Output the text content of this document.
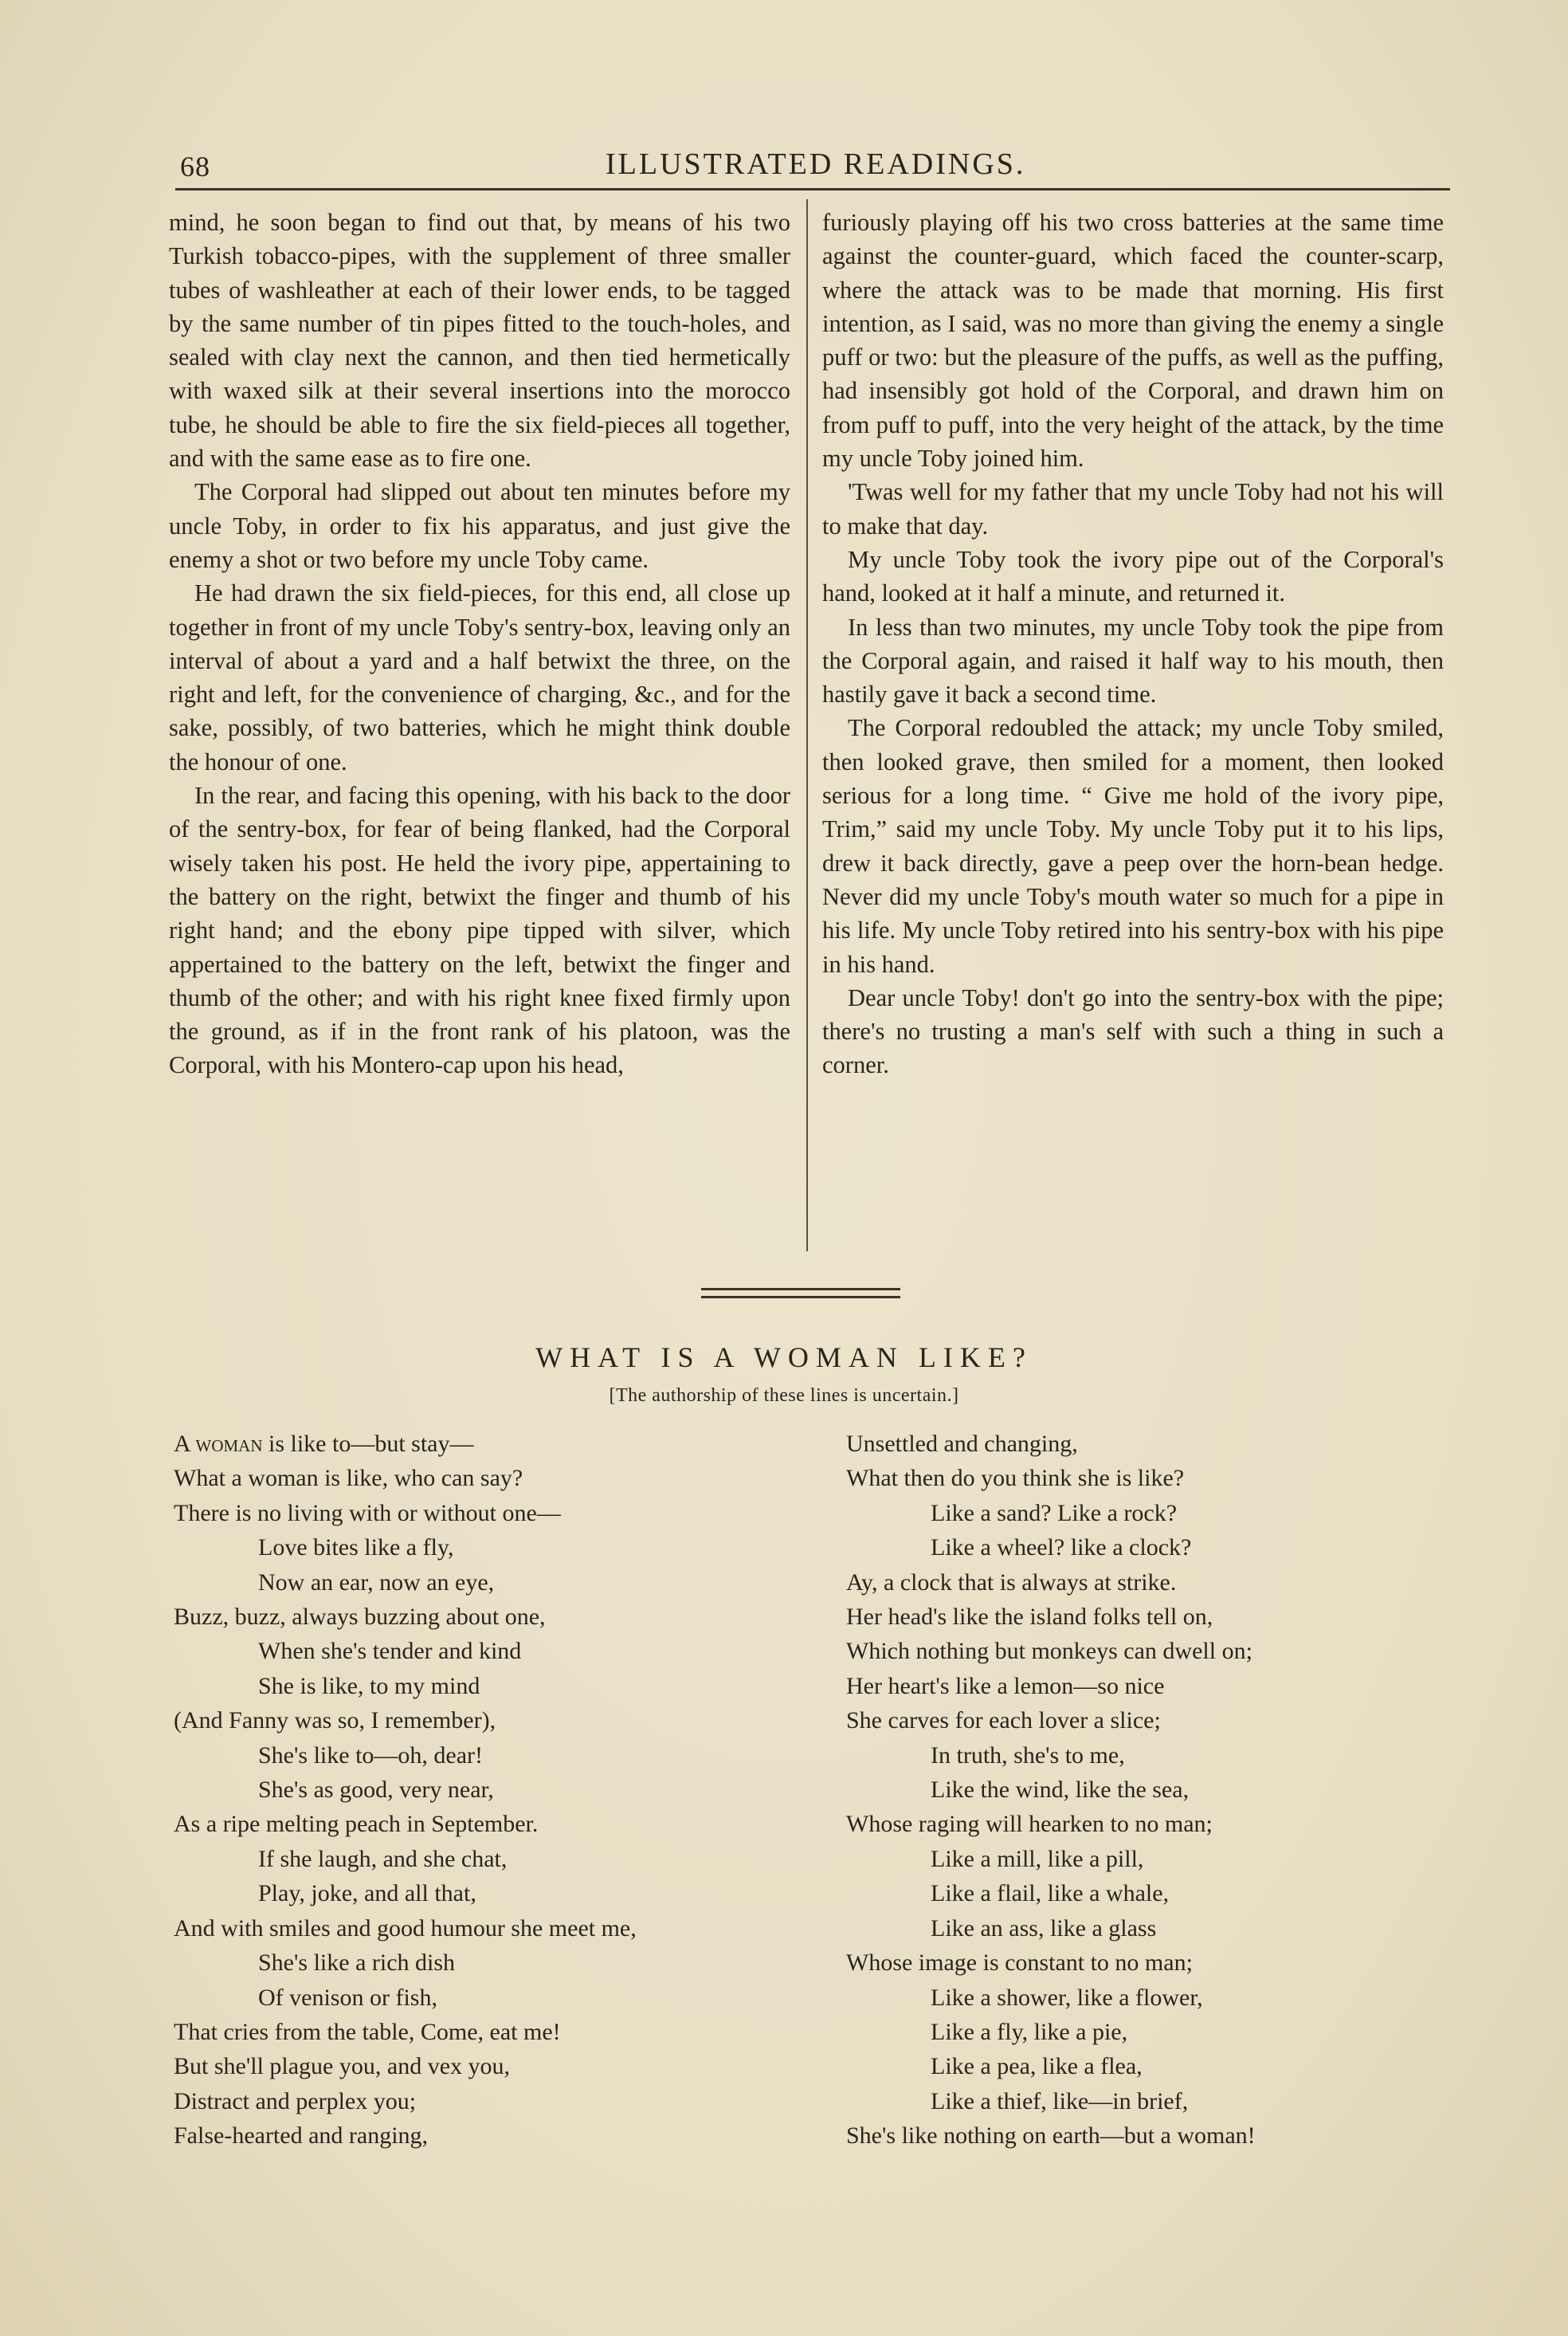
68	ILLUSTRATED READINGS.

mind, he soon began to find out that, by means of his two Turkish tobacco-pipes, with the supplement of three smaller tubes of washleather at each of their lower ends, to be tagged by the same number of tin pipes fitted to the touch-holes, and sealed with clay next the cannon, and then tied hermetically with waxed silk at their several insertions into the morocco tube, he should be able to fire the six field-pieces all together, and with the same ease as to fire one.

The Corporal had slipped out about ten minutes before my uncle Toby, in order to fix his apparatus, and just give the enemy a shot or two before my uncle Toby came.

He had drawn the six field-pieces, for this end, all close up together in front of my uncle Toby's sentry-box, leaving only an interval of about a yard and a half betwixt the three, on the right and left, for the convenience of charging, &c., and for the sake, possibly, of two batteries, which he might think double the honour of one.

In the rear, and facing this opening, with his back to the door of the sentry-box, for fear of being flanked, had the Corporal wisely taken his post. He held the ivory pipe, appertaining to the battery on the right, betwixt the finger and thumb of his right hand; and the ebony pipe tipped with silver, which appertained to the battery on the left, betwixt the finger and thumb of the other; and with his right knee fixed firmly upon the ground, as if in the front rank of his platoon, was the Corporal, with his Montero-cap upon his head,

furiously playing off his two cross batteries at the same time against the counter-guard, which faced the counter-scarp, where the attack was to be made that morning. His first intention, as I said, was no more than giving the enemy a single puff or two: but the pleasure of the puffs, as well as the puffing, had insensibly got hold of the Corporal, and drawn him on from puff to puff, into the very height of the attack, by the time my uncle Toby joined him.

'Twas well for my father that my uncle Toby had not his will to make that day.

My uncle Toby took the ivory pipe out of the Corporal's hand, looked at it half a minute, and returned it.

In less than two minutes, my uncle Toby took the pipe from the Corporal again, and raised it half way to his mouth, then hastily gave it back a second time.

The Corporal redoubled the attack; my uncle Toby smiled, then looked grave, then smiled for a moment, then looked serious for a long time. “ Give me hold of the ivory pipe, Trim,” said my uncle Toby. My uncle Toby put it to his lips, drew it back directly, gave a peep over the horn-bean hedge. Never did my uncle Toby's mouth water so much for a pipe in his life. My uncle Toby retired into his sentry-box with his pipe in his hand.

Dear uncle Toby! don't go into the sentry-box with the pipe; there's no trusting a man's self with such a thing in such a corner.

WHAT IS A WOMAN LIKE?
[The authorship of these lines is uncertain.]
A woman is like to—but stay—
What a woman is like, who can say?
There is no living with or without one—
Love bites like a fly,
Now an ear, now an eye,
Buzz, buzz, always buzzing about one,
When she's tender and kind
She is like, to my mind
(And Fanny was so, I remember),
She's like to—oh, dear!
She's as good, very near,
As a ripe melting peach in September.
If she laugh, and she chat,
Play, joke, and all that,
And with smiles and good humour she meet me,
She's like a rich dish
Of venison or fish,
That cries from the table, Come, eat me!
But she'll plague you, and vex you,
Distract and perplex you;
False-hearted and ranging,
Unsettled and changing,
What then do you think she is like?
Like a sand? Like a rock?
Like a wheel? like a clock?
Ay, a clock that is always at strike.
Her head's like the island folks tell on,
Which nothing but monkeys can dwell on;
Her heart's like a lemon—so nice
She carves for each lover a slice;
In truth, she's to me,
Like the wind, like the sea,
Whose raging will hearken to no man;
Like a mill, like a pill,
Like a flail, like a whale,
Like an ass, like a glass
Whose image is constant to no man;
Like a shower, like a flower,
Like a fly, like a pie,
Like a pea, like a flea,
Like a thief, like—in brief,
She's like nothing on earth—but a woman!
